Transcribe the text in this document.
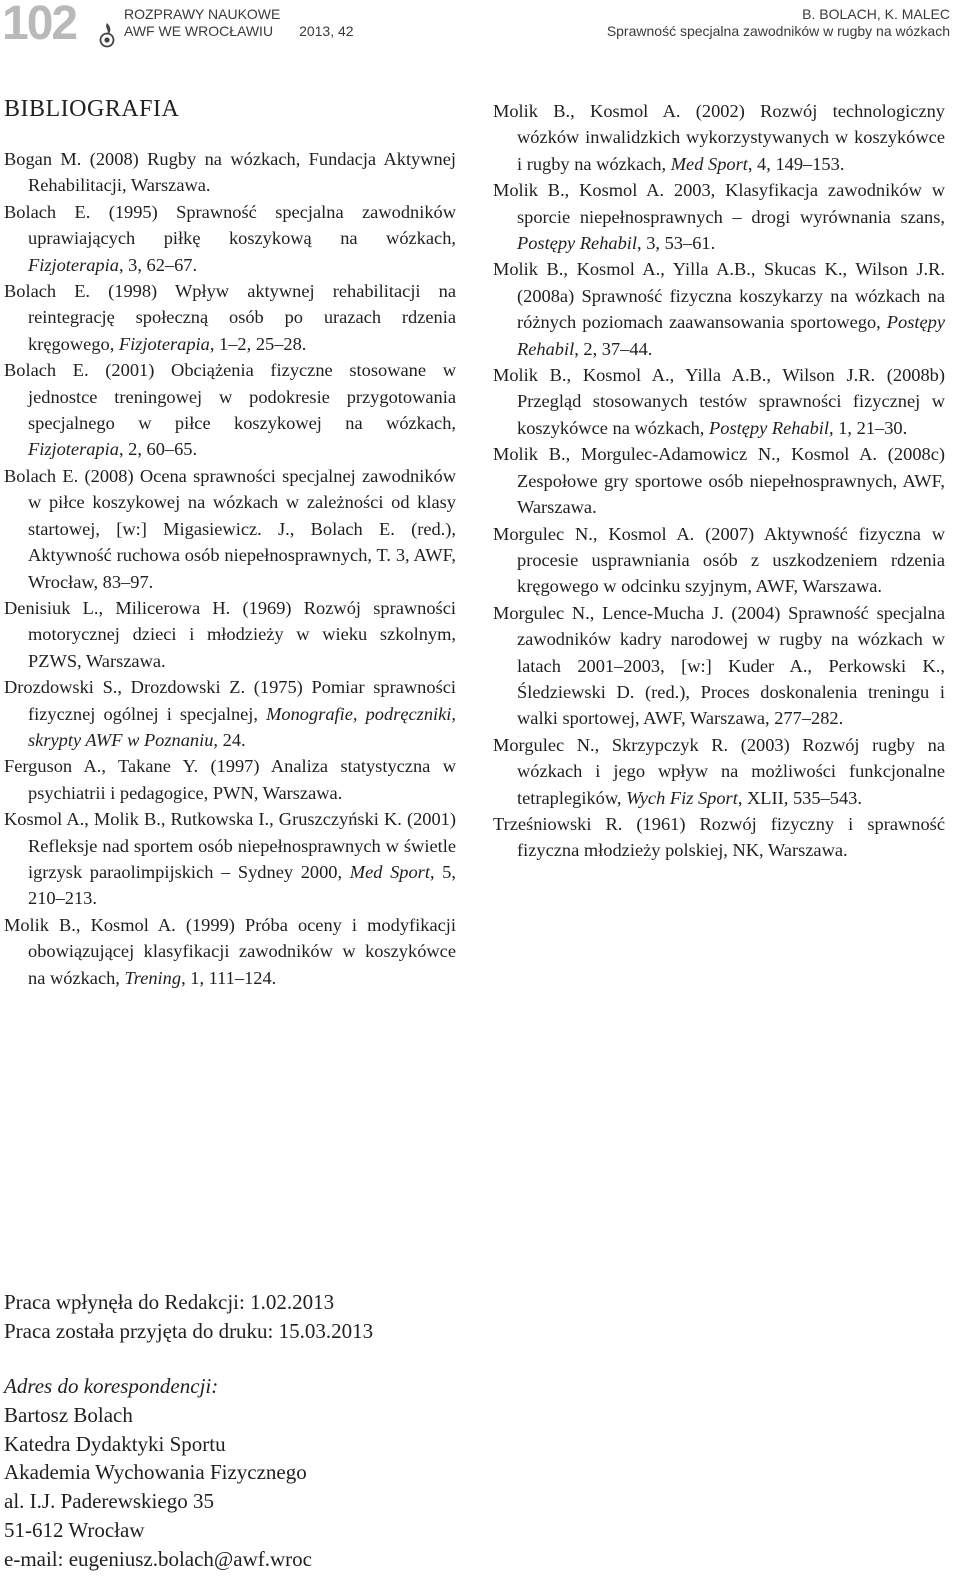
102	ROZPRAWY NAUKOWE
AWF WE WROCŁAWIU 2013, 42
B. BOLACH, K. MALEC
Sprawność specjalna zawodników w rugby na wózkach
BIBLIOGRAFIA

Bogan M. (2008) Rugby na wózkach, Fundacja Aktywnej Rehabilitacji, Warszawa.

Bolach E. (1995) Sprawność specjalna zawodników uprawiających piłkę koszykową na wózkach, Fizjoterapia, 3, 62–67.

Bolach E. (1998) Wpływ aktywnej rehabilitacji na reintegrację społeczną osób po urazach rdzenia kręgowego, Fizjoterapia, 1–2, 25–28.

Bolach E. (2001) Obciążenia fizyczne stosowane w jednostce treningowej w podokresie przygotowania specjalnego w piłce koszykowej na wózkach, Fizjoterapia, 2, 60–65.

Bolach E. (2008) Ocena sprawności specjalnej zawodników w piłce koszykowej na wózkach w zależności od klasy startowej, [w:] Migasiewicz. J., Bolach E. (red.), Aktywność ruchowa osób niepełnosprawnych, T. 3, AWF, Wrocław, 83–97.

Denisiuk L., Milicerowa H. (1969) Rozwój sprawności motorycznej dzieci i młodzieży w wieku szkolnym, PZWS, Warszawa.

Drozdowski S., Drozdowski Z. (1975) Pomiar sprawności fizycznej ogólnej i specjalnej, Monografie, podręczniki, skrypty AWF w Poznaniu, 24.

Ferguson A., Takane Y. (1997) Analiza statystyczna w psychiatrii i pedagogice, PWN, Warszawa.

Kosmol A., Molik B., Rutkowska I., Gruszczyński K. (2001) Refleksje nad sportem osób niepełnosprawnych w świetle igrzysk paraolimpijskich – Sydney 2000, Med Sport, 5, 210–213.

Molik B., Kosmol A. (1999) Próba oceny i modyfikacji obowiązującej klasyfikacji zawodników w koszykówce na wózkach, Trening, 1, 111–124.

Molik B., Kosmol A. (2002) Rozwój technologiczny wózków inwalidzkich wykorzystywanych w koszykówce i rugby na wózkach, Med Sport, 4, 149–153.

Molik B., Kosmol A. 2003, Klasyfikacja zawodników w sporcie niepełnosprawnych – drogi wyrównania szans, Postępy Rehabil, 3, 53–61.

Molik B., Kosmol A., Yilla A.B., Skucas K., Wilson J.R. (2008a) Sprawność fizyczna koszykarzy na wózkach na różnych poziomach zaawansowania sportowego, Postępy Rehabil, 2, 37–44.

Molik B., Kosmol A., Yilla A.B., Wilson J.R. (2008b) Przegląd stosowanych testów sprawności fizycznej w koszykówce na wózkach, Postępy Rehabil, 1, 21–30.

Molik B., Morgulec-Adamowicz N., Kosmol A. (2008c) Zespołowe gry sportowe osób niepełnosprawnych, AWF, Warszawa.

Morgulec N., Kosmol A. (2007) Aktywność fizyczna w procesie usprawniania osób z uszkodzeniem rdzenia kręgowego w odcinku szyjnym, AWF, Warszawa.

Morgulec N., Lence-Mucha J. (2004) Sprawność specjalna zawodników kadry narodowej w rugby na wózkach w latach 2001–2003, [w:] Kuder A., Perkowski K., Śledziewski D. (red.), Proces doskonalenia treningu i walki sportowej, AWF, Warszawa, 277–282.

Morgulec N., Skrzypczyk R. (2003) Rozwój rugby na wózkach i jego wpływ na możliwości funkcjonalne tetraplegików, Wych Fiz Sport, XLII, 535–543.

Trześniowski R. (1961) Rozwój fizyczny i sprawność fizyczna młodzieży polskiej, NK, Warszawa.

Praca wpłynęła do Redakcji: 1.02.2013
Praca została przyjęta do druku: 15.03.2013
Adres do korespondencji:
Bartosz Bolach
Katedra Dydaktyki Sportu
Akademia Wychowania Fizycznego
al. I.J. Paderewskiego 35
51-612 Wrocław
e-mail: eugeniusz.bolach@awf.wroc
